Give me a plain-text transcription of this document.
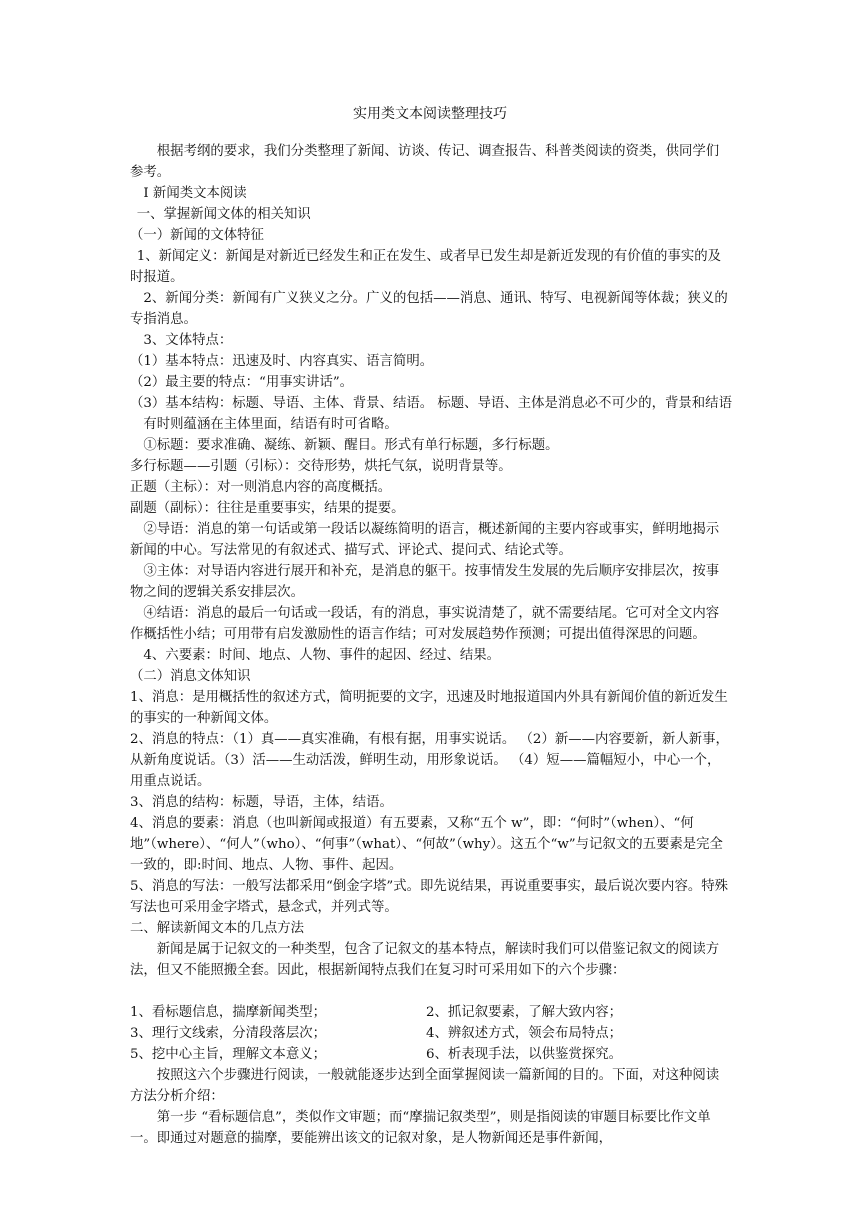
实用类文本阅读整理技巧

根据考纲的要求，我们分类整理了新闻、访谈、传记、调查报告、科普类阅读的资类，供同学们参考。

Ⅰ 新闻类文本阅读

一、掌握新闻文体的相关知识

（一）新闻的文体特征

1、新闻定义：新闻是对新近已经发生和正在发生、或者早已发生却是新近发现的有价值的事实的及时报道。

2、新闻分类：新闻有广义狭义之分。广义的包括——消息、通讯、特写、电视新闻等体裁；狭义的专指消息。

3、文体特点：

（1）基本特点：迅速及时、内容真实、语言简明。

（2）最主要的特点：“用事实讲话”。

（3）基本结构：标题、导语、主体、背景、结语。 标题、导语、主体是消息必不可少的，背景和结语有时则蕴涵在主体里面，结语有时可省略。

①标题：要求准确、凝练、新颖、醒目。形式有单行标题，多行标题。

多行标题——引题（引标）：交待形势，烘托气氛，说明背景等。

正题（主标）：对一则消息内容的高度概括。

副题（副标）：往往是重要事实，结果的提要。

②导语：消息的第一句话或第一段话以凝练简明的语言，概述新闻的主要内容或事实，鲜明地揭示新闻的中心。写法常见的有叙述式、描写式、评论式、提问式、结论式等。

③主体：对导语内容进行展开和补充，是消息的躯干。按事情发生发展的先后顺序安排层次，按事物之间的逻辑关系安排层次。

④结语：消息的最后一句话或一段话，有的消息，事实说清楚了，就不需要结尾。它可对全文内容作概括性小结；可用带有启发激励性的语言作结；可对发展趋势作预测；可提出值得深思的问题。

4、六要素：时间、地点、人物、事件的起因、经过、结果。

（二）消息文体知识

1、消息：是用概括性的叙述方式，简明扼要的文字，迅速及时地报道国内外具有新闻价值的新近发生的事实的一种新闻文体。

2、消息的特点：（1）真——真实准确，有根有据，用事实说话。 （2）新——内容要新，新人新事，从新角度说话。（3）活——生动活泼，鲜明生动，用形象说话。 （4）短——篇幅短小，中心一个，用重点说话。

3、消息的结构：标题，导语，主体，结语。

4、消息的要素：消息（也叫新闻或报道）有五要素，又称“五个 w”，即：“何时”（when）、“何地”（where）、“何人”（who）、“何事”（what）、“何故”（why）。这五个“w”与记叙文的五要素是完全一致的，即:时间、地点、人物、事件、起因。

5、消息的写法：一般写法都采用“倒金字塔”式。即先说结果，再说重要事实，最后说次要内容。特殊写法也可采用金字塔式，悬念式，并列式等。

二、解读新闻文本的几点方法

新闻是属于记叙文的一种类型，包含了记叙文的基本特点，解读时我们可以借鉴记叙文的阅读方法，但又不能照搬全套。因此，根据新闻特点我们在复习时可采用如下的六个步骤：

1、看标题信息，揣摩新闻类型；	2、抓记叙要素，了解大致内容；
3、理行文线索，分清段落层次；	4、辨叙述方式，领会布局特点；
5、挖中心主旨，理解文本意义；	6、析表现手法，以供鉴赏探究。

按照这六个步骤进行阅读，一般就能逐步达到全面掌握阅读一篇新闻的目的。下面，对这种阅读方法分析介绍：

第一步 “看标题信息”，类似作文审题；而“摩揣记叙类型”，则是指阅读的审题目标要比作文单一。即通过对题意的揣摩，要能辨出该文的记叙对象，是人物新闻还是事件新闻，
